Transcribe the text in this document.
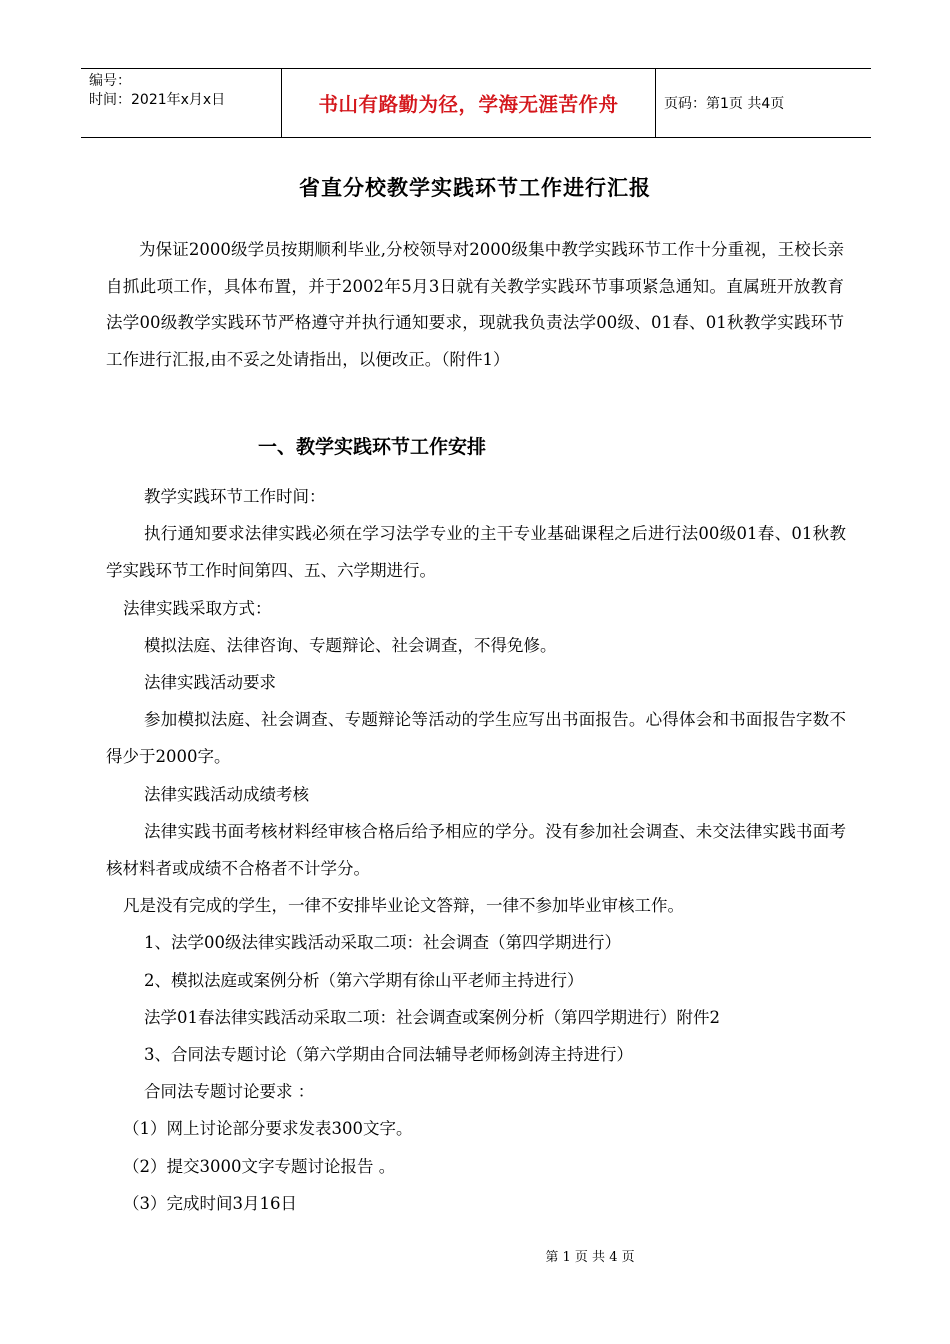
编号：
时间：2021年x月x日	书山有路勤为径，学海无涯苦作舟	页码：第1页 共4页
省直分校教学实践环节工作进行汇报

为保证2000级学员按期顺利毕业,分校领导对2000级集中教学实践环节工作十分重视，王校长亲自抓此项工作，具体布置，并于2002年5月3日就有关教学实践环节事项紧急通知。直属班开放教育法学00级教学实践环节严格遵守并执行通知要求，现就我负责法学00级、01春、01秋教学实践环节工作进行汇报,由不妥之处请指出，以便改正。（附件1）

一、教学实践环节工作安排
教学实践环节工作时间：
执行通知要求法律实践必须在学习法学专业的主干专业基础课程之后进行法00级01春、01秋教学实践环节工作时间第四、五、六学期进行。
法律实践采取方式：
模拟法庭、法律咨询、专题辩论、社会调查，不得免修。
法律实践活动要求
参加模拟法庭、社会调查、专题辩论等活动的学生应写出书面报告。心得体会和书面报告字数不得少于2000字。
法律实践活动成绩考核
法律实践书面考核材料经审核合格后给予相应的学分。没有参加社会调查、未交法律实践书面考核材料者或成绩不合格者不计学分。
凡是没有完成的学生，一律不安排毕业论文答辩，一律不参加毕业审核工作。
1、法学00级法律实践活动采取二项：社会调查（第四学期进行）
2、模拟法庭或案例分析（第六学期有徐山平老师主持进行）
法学01春法律实践活动采取二项：社会调查或案例分析（第四学期进行）附件2
3、合同法专题讨论（第六学期由合同法辅导老师杨剑涛主持进行）
合同法专题讨论要求 ：
（1）网上讨论部分要求发表300文字。
（2）提交3000文字专题讨论报告 。
（3）完成时间3月16日
第 1 页 共 4 页
